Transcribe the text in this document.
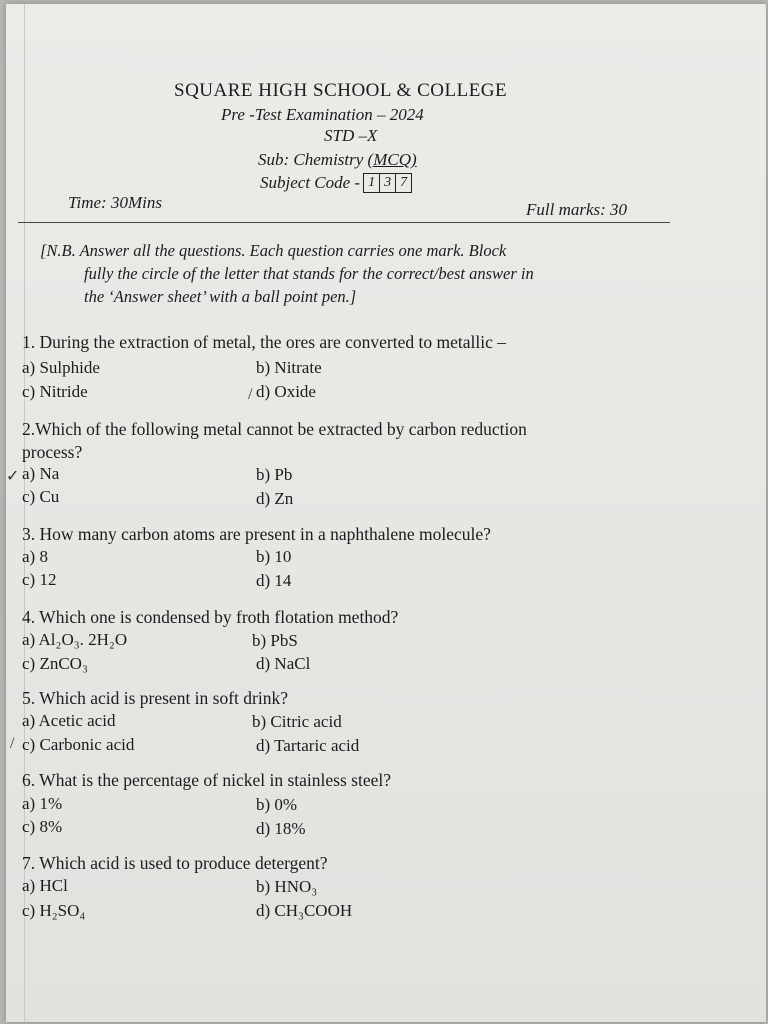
SQUARE HIGH SCHOOL & COLLEGE
Pre -Test Examination – 2024
STD –X
Sub: Chemistry (MCQ)
Subject Code - 1 3 7
Time: 30Mins	Full marks: 30

[N.B. Answer all the questions. Each question carries one mark. Block

fully the circle of the letter that stands for the correct/best answer in

the ‘Answer sheet’ with a ball point pen.]

1. During the extraction of metal, the ores are converted to metallic –
a) Sulphide	b) Nitrate
c) Nitride	/ d) Oxide
2.Which of the following metal cannot be extracted by carbon reduction
process?
✓ a) Na	b) Pb
c) Cu	d) Zn
3. How many carbon atoms are present in a naphthalene molecule?
a) 8	b) 10
c) 12	d) 14
4. Which one is condensed by froth flotation method?
a) Al₂O₃. 2H₂O	b) PbS
c) ZnCO₃	d) NaCl
5. Which acid is present in soft drink?
a) Acetic acid	b) Citric acid
/ c) Carbonic acid	d) Tartaric acid
6. What is the percentage of nickel in stainless steel?
a) 1%	b) 0%
c) 8%	d) 18%
7. Which acid is used to produce detergent?
a) HCl	b) HNO₃
c) H₂SO₄	d) CH₃COOH
